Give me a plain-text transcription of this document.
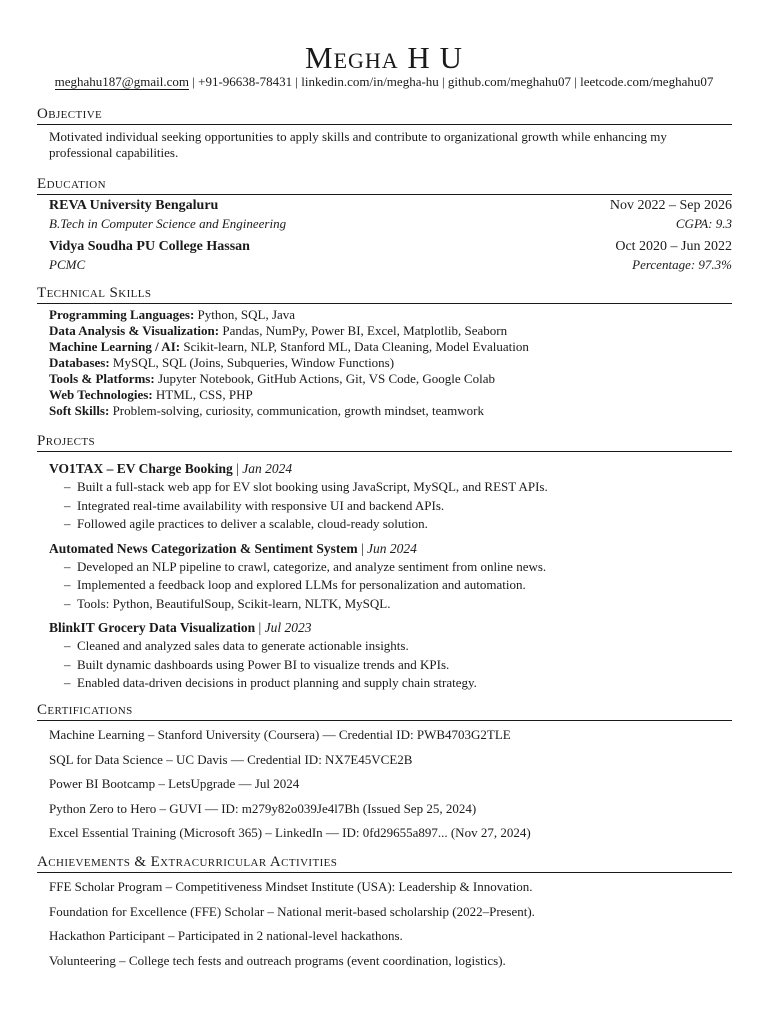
Megha H U
meghahu187@gmail.com | +91-96638-78431 | linkedin.com/in/megha-hu | github.com/meghahu07 | leetcode.com/meghahu07
Objective
Motivated individual seeking opportunities to apply skills and contribute to organizational growth while enhancing my professional capabilities.
Education
REVA University Bengaluru	Nov 2022 – Sep 2026
B.Tech in Computer Science and Engineering	CGPA: 9.3
Vidya Soudha PU College Hassan	Oct 2020 – Jun 2022
PCMC	Percentage: 97.3%
Technical Skills
Programming Languages: Python, SQL, Java
Data Analysis & Visualization: Pandas, NumPy, Power BI, Excel, Matplotlib, Seaborn
Machine Learning / AI: Scikit-learn, NLP, Stanford ML, Data Cleaning, Model Evaluation
Databases: MySQL, SQL (Joins, Subqueries, Window Functions)
Tools & Platforms: Jupyter Notebook, GitHub Actions, Git, VS Code, Google Colab
Web Technologies: HTML, CSS, PHP
Soft Skills: Problem-solving, curiosity, communication, growth mindset, teamwork
Projects
VO1TAX – EV Charge Booking | Jan 2024
– Built a full-stack web app for EV slot booking using JavaScript, MySQL, and REST APIs.
– Integrated real-time availability with responsive UI and backend APIs.
– Followed agile practices to deliver a scalable, cloud-ready solution.
Automated News Categorization & Sentiment System | Jun 2024
– Developed an NLP pipeline to crawl, categorize, and analyze sentiment from online news.
– Implemented a feedback loop and explored LLMs for personalization and automation.
– Tools: Python, BeautifulSoup, Scikit-learn, NLTK, MySQL.
BlinkIT Grocery Data Visualization | Jul 2023
– Cleaned and analyzed sales data to generate actionable insights.
– Built dynamic dashboards using Power BI to visualize trends and KPIs.
– Enabled data-driven decisions in product planning and supply chain strategy.
Certifications
Machine Learning – Stanford University (Coursera) — Credential ID: PWB4703G2TLE
SQL for Data Science – UC Davis — Credential ID: NX7E45VCE2B
Power BI Bootcamp – LetsUpgrade — Jul 2024
Python Zero to Hero – GUVI — ID: m279y82o039Je4l7Bh (Issued Sep 25, 2024)
Excel Essential Training (Microsoft 365) – LinkedIn — ID: 0fd29655a897... (Nov 27, 2024)
Achievements & Extracurricular Activities
FFE Scholar Program – Competitiveness Mindset Institute (USA): Leadership & Innovation.
Foundation for Excellence (FFE) Scholar – National merit-based scholarship (2022–Present).
Hackathon Participant – Participated in 2 national-level hackathons.
Volunteering – College tech fests and outreach programs (event coordination, logistics).
